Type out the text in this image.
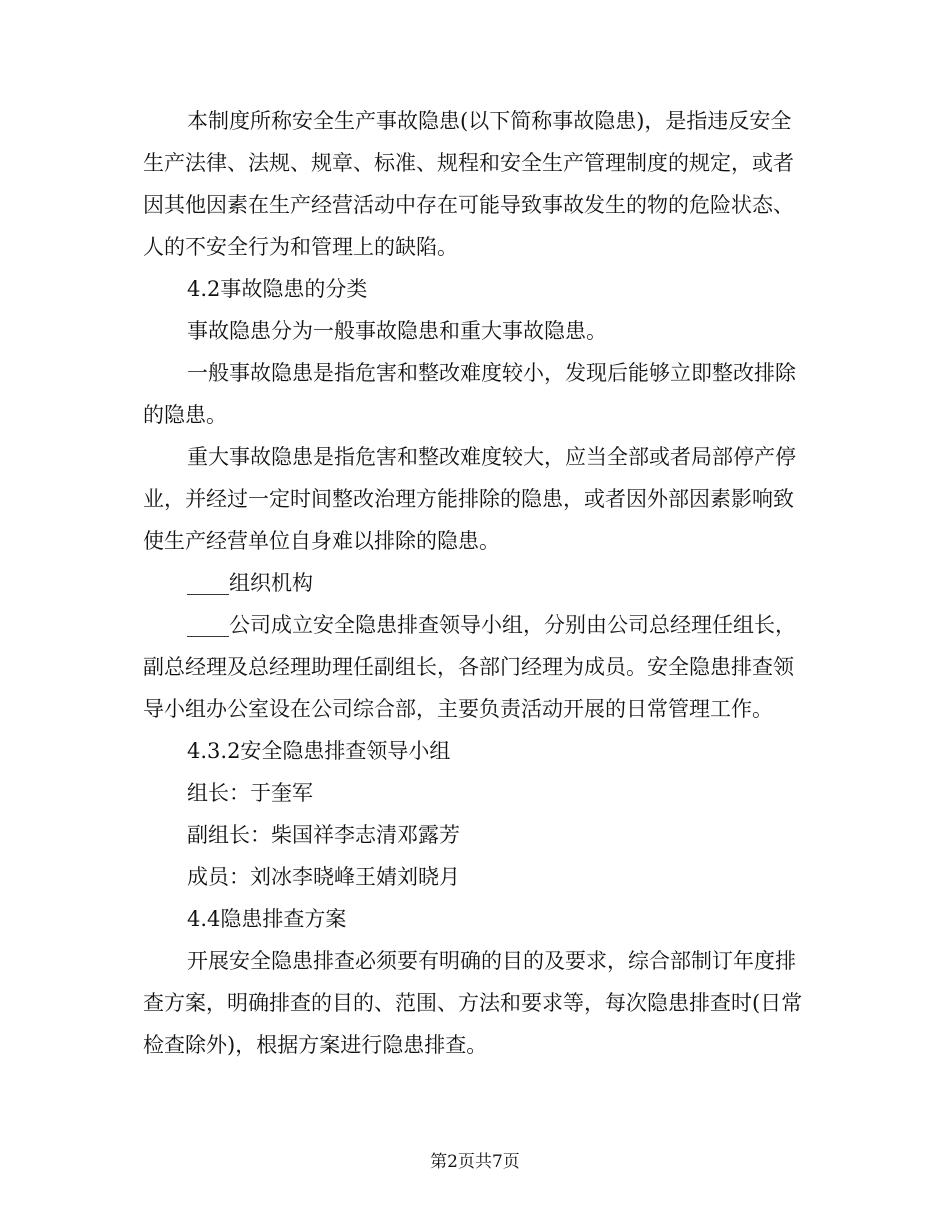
本制度所称安全生产事故隐患(以下简称事故隐患)，是指违反安全生产法律、法规、规章、标准、规程和安全生产管理制度的规定，或者因其他因素在生产经营活动中存在可能导致事故发生的物的危险状态、人的不安全行为和管理上的缺陷。

4.2事故隐患的分类

事故隐患分为一般事故隐患和重大事故隐患。

一般事故隐患是指危害和整改难度较小，发现后能够立即整改排除的隐患。

重大事故隐患是指危害和整改难度较大，应当全部或者局部停产停业，并经过一定时间整改治理方能排除的隐患，或者因外部因素影响致使生产经营单位自身难以排除的隐患。

____组织机构

____公司成立安全隐患排查领导小组，分别由公司总经理任组长，副总经理及总经理助理任副组长，各部门经理为成员。安全隐患排查领导小组办公室设在公司综合部，主要负责活动开展的日常管理工作。

4.3.2安全隐患排查领导小组

组长：于奎军

副组长：柴国祥李志清邓露芳

成员：刘冰李晓峰王婧刘晓月

4.4隐患排查方案

开展安全隐患排查必须要有明确的目的及要求，综合部制订年度排查方案，明确排查的目的、范围、方法和要求等，每次隐患排查时(日常检查除外)，根据方案进行隐患排查。

第2页共7页
